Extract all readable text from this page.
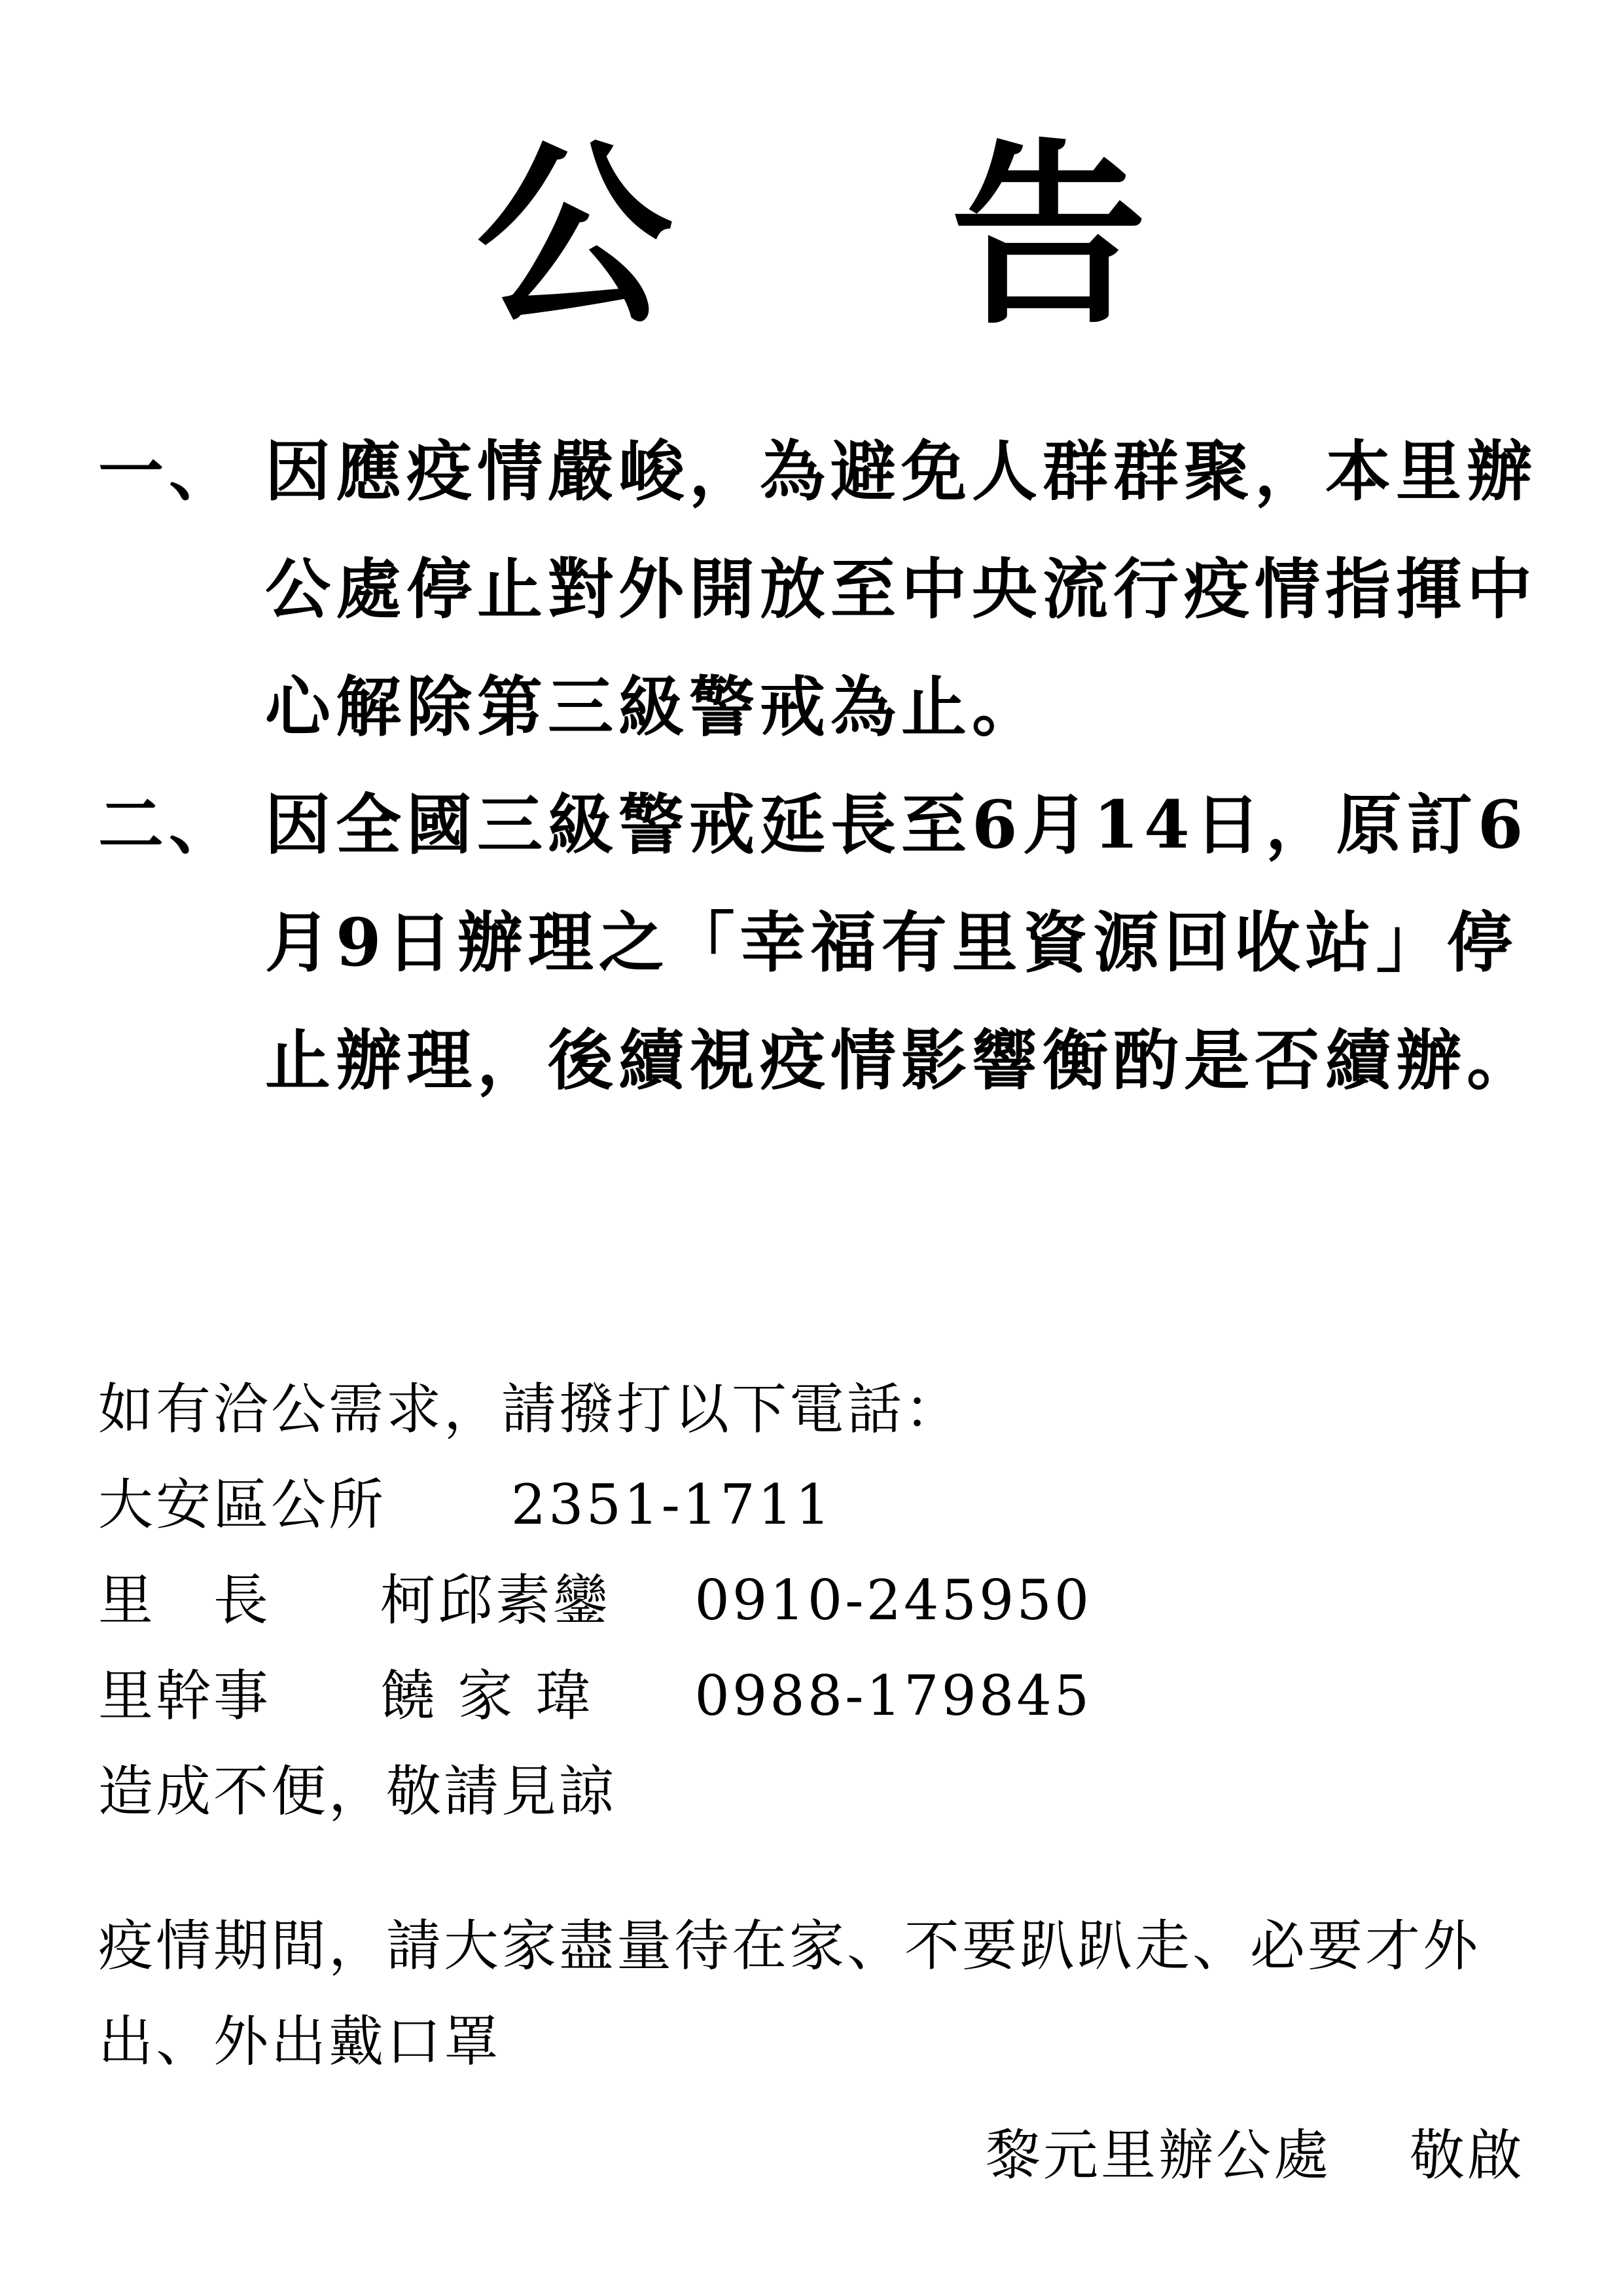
公 告
一、 因應疫情嚴峻，為避免人群群聚，本里辦公處停止對外開放至中央流行疫情指揮中心解除第三級警戒為止。
二、 因全國三級警戒延長至6月14日，原訂6月9日辦理之「幸福有里資源回收站」停止辦理，後續視疫情影響衡酌是否續辦。
如有洽公需求，請撥打以下電話：
大安區公所 2351-1711
里　長 柯邱素鑾 0910-245950
里幹事 饒 家 瑋 0988-179845
造成不便，敬請見諒
疫情期間，請大家盡量待在家、不要趴趴走、必要才外出、外出戴口罩
黎元里辦公處 敬啟
